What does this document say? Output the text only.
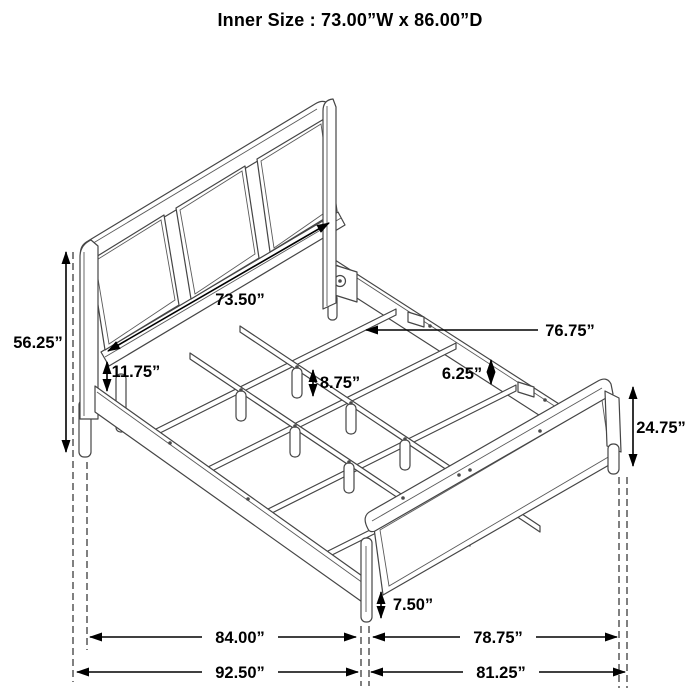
Inner Size : 73.00”W x 86.00”D
73.50”
76.75”
56.25”
11.75”
8.75”	6.25”
24.75”
7.50”
84.00”	78.75”
92.50”	81.25”
